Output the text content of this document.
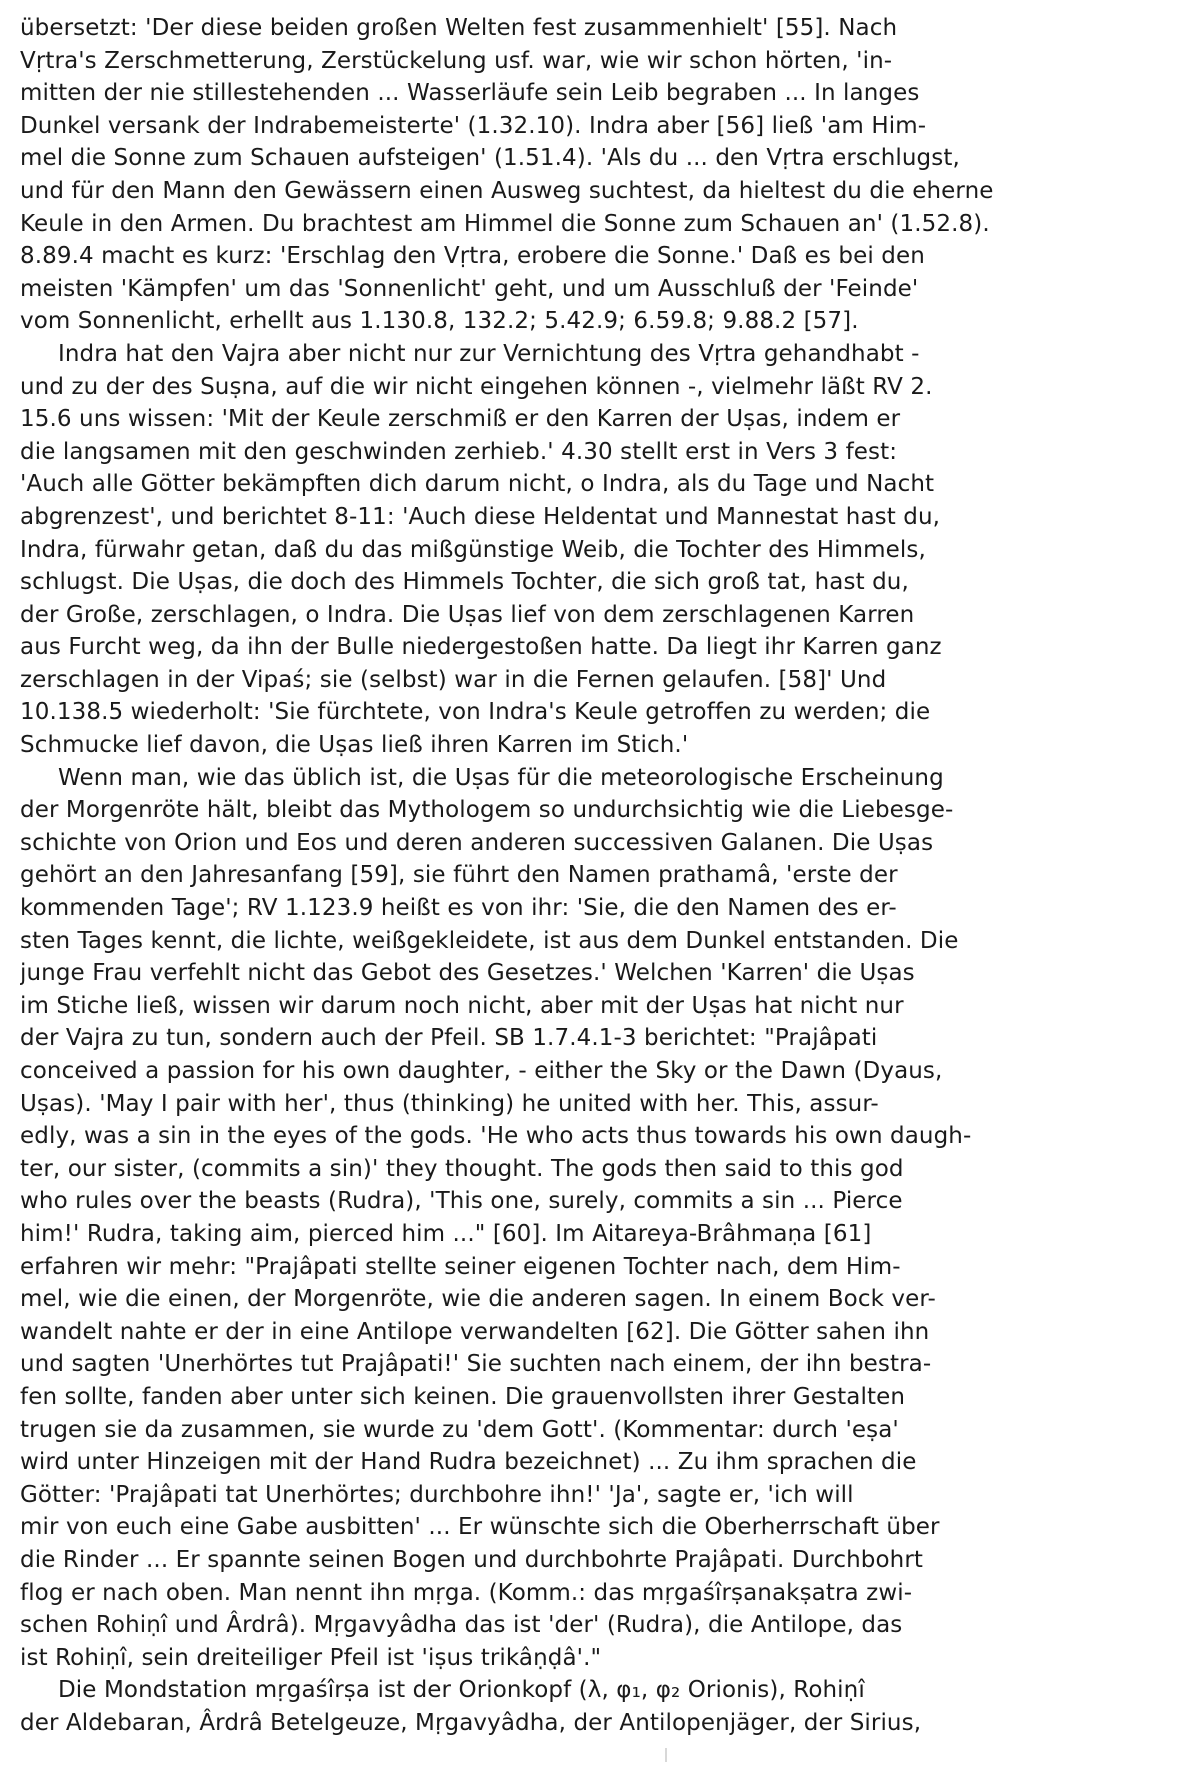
übersetzt: 'Der diese beiden großen Welten fest zusammenhielt' [55]. Nach
Vṛtra's Zerschmetterung, Zerstückelung usf. war, wie wir schon hörten, 'in-
mitten der nie stillestehenden ... Wasserläufe sein Leib begraben ... In langes
Dunkel versank der Indrabemeisterte' (1.32.10). Indra aber [56] ließ 'am Him-
mel die Sonne zum Schauen aufsteigen' (1.51.4). 'Als du ... den Vṛtra erschlugst,
und für den Mann den Gewässern einen Ausweg suchtest, da hieltest du die eherne
Keule in den Armen. Du brachtest am Himmel die Sonne zum Schauen an' (1.52.8).
8.89.4 macht es kurz: 'Erschlag den Vṛtra, erobere die Sonne.' Daß es bei den
meisten 'Kämpfen' um das 'Sonnenlicht' geht, und um Ausschluß der 'Feinde'
vom Sonnenlicht, erhellt aus 1.130.8, 132.2; 5.42.9; 6.59.8; 9.88.2 [57].
Indra hat den Vajra aber nicht nur zur Vernichtung des Vṛtra gehandhabt -
und zu der des Suṣna, auf die wir nicht eingehen können -, vielmehr läßt RV 2.
15.6 uns wissen: 'Mit der Keule zerschmiß er den Karren der Uṣas, indem er
die langsamen mit den geschwinden zerhieb.' 4.30 stellt erst in Vers 3 fest:
'Auch alle Götter bekämpften dich darum nicht, o Indra, als du Tage und Nacht
abgrenzest', und berichtet 8-11: 'Auch diese Heldentat und Mannestat hast du,
Indra, fürwahr getan, daß du das mißgünstige Weib, die Tochter des Himmels,
schlugst. Die Uṣas, die doch des Himmels Tochter, die sich groß tat, hast du,
der Große, zerschlagen, o Indra. Die Uṣas lief von dem zerschlagenen Karren
aus Furcht weg, da ihn der Bulle niedergestoßen hatte. Da liegt ihr Karren ganz
zerschlagen in der Vipaś; sie (selbst) war in die Fernen gelaufen. [58]' Und
10.138.5 wiederholt: 'Sie fürchtete, von Indra's Keule getroffen zu werden; die
Schmucke lief davon, die Uṣas ließ ihren Karren im Stich.'
Wenn man, wie das üblich ist, die Uṣas für die meteorologische Erscheinung
der Morgenröte hält, bleibt das Mythologem so undurchsichtig wie die Liebesge-
schichte von Orion und Eos und deren anderen successiven Galanen. Die Uṣas
gehört an den Jahresanfang [59], sie führt den Namen prathamâ, 'erste der
kommenden Tage'; RV 1.123.9 heißt es von ihr: 'Sie, die den Namen des er-
sten Tages kennt, die lichte, weißgekleidete, ist aus dem Dunkel entstanden. Die
junge Frau verfehlt nicht das Gebot des Gesetzes.' Welchen 'Karren' die Uṣas
im Stiche ließ, wissen wir darum noch nicht, aber mit der Uṣas hat nicht nur
der Vajra zu tun, sondern auch der Pfeil. SB 1.7.4.1-3 berichtet: "Prajâpati
conceived a passion for his own daughter, - either the Sky or the Dawn (Dyaus,
Uṣas). 'May I pair with her', thus (thinking) he united with her. This, assur-
edly, was a sin in the eyes of the gods. 'He who acts thus towards his own daugh-
ter, our sister, (commits a sin)' they thought. The gods then said to this god
who rules over the beasts (Rudra), 'This one, surely, commits a sin ... Pierce
him!' Rudra, taking aim, pierced him ..." [60]. Im Aitareya-Brâhmaṇa [61]
erfahren wir mehr: "Prajâpati stellte seiner eigenen Tochter nach, dem Him-
mel, wie die einen, der Morgenröte, wie die anderen sagen. In einem Bock ver-
wandelt nahte er der in eine Antilope verwandelten [62]. Die Götter sahen ihn
und sagten 'Unerhörtes tut Prajâpati!' Sie suchten nach einem, der ihn bestra-
fen sollte, fanden aber unter sich keinen. Die grauenvollsten ihrer Gestalten
trugen sie da zusammen, sie wurde zu 'dem Gott'. (Kommentar: durch 'eṣa'
wird unter Hinzeigen mit der Hand Rudra bezeichnet) ... Zu ihm sprachen die
Götter: 'Prajâpati tat Unerhörtes; durchbohre ihn!' 'Ja', sagte er, 'ich will
mir von euch eine Gabe ausbitten' ... Er wünschte sich die Oberherrschaft über
die Rinder ... Er spannte seinen Bogen und durchbohrte Prajâpati. Durchbohrt
flog er nach oben. Man nennt ihn mṛga. (Komm.: das mṛgaśîrṣanakṣatra zwi-
schen Rohiṇî und Ârdrâ). Mṛgavyâdha das ist 'der' (Rudra), die Antilope, das
ist Rohiṇî, sein dreiteiliger Pfeil ist 'iṣus trikâṇḍâ'."
Die Mondstation mṛgaśîrṣa ist der Orionkopf (λ, φ₁, φ₂ Orionis), Rohiṇî
der Aldebaran, Ârdrâ Betelgeuze, Mṛgavyâdha, der Antilopenjäger, der Sirius,
